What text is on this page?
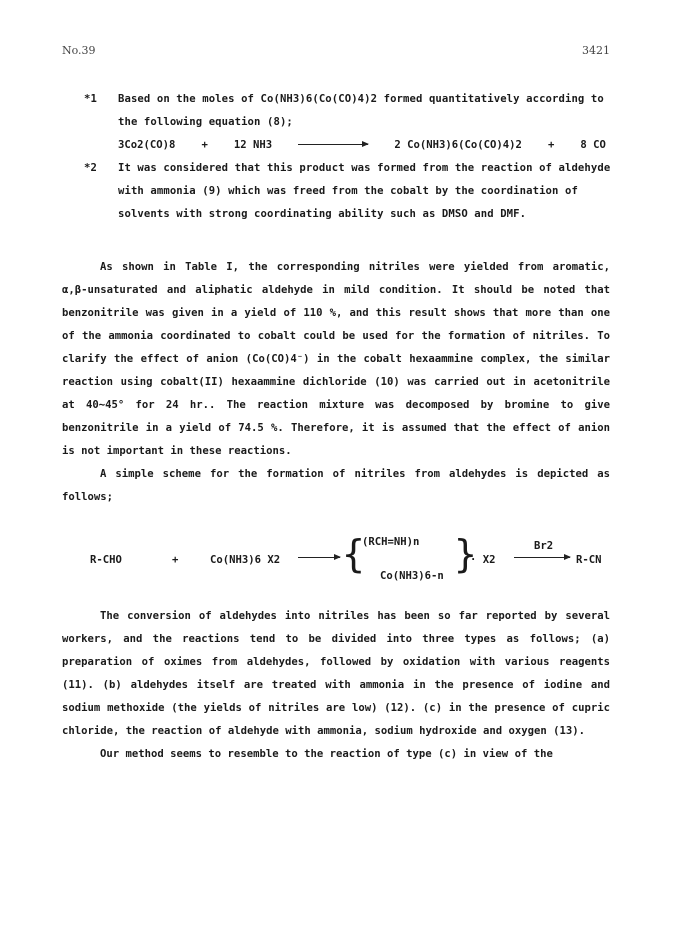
No.39	3421
*1 Based on the moles of Co(NH3)6(Co(CO)4)2 formed quantitatively according to the following equation (8);
3Co2(CO)8 + 12 NH3	2 Co(NH3)6(Co(CO)4)2 + 8 CO
*2 It was considered that this product was formed from the reaction of aldehyde with ammonia (9) which was freed from the cobalt by the coordination of solvents with strong coordinating ability such as DMSO and DMF.

As shown in Table I, the corresponding nitriles were yielded from aromatic, α,β-unsaturated and aliphatic aldehyde in mild condition. It should be noted that benzonitrile was given in a yield of 110 %, and this result shows that more than one of the ammonia coordinated to cobalt could be used for the formation of nitriles. To clarify the effect of anion (Co(CO)4⁻) in the cobalt hexaammine complex, the similar reaction using cobalt(II) hexaammine dichloride (10) was carried out in acetonitrile at 40∼45° for 24 hr.. The reaction mixture was decomposed by bromine to give benzonitrile in a yield of 74.5 %. Therefore, it is assumed that the effect of anion is not important in these reactions.

A simple scheme for the formation of nitriles from aldehydes is depicted as follows;

R-CHO	+	Co(NH3)6 X2 {
(RCH=NH)n
Co(NH3)6-n }
· X2
Br2
R-CN

The conversion of aldehydes into nitriles has been so far reported by several workers, and the reactions tend to be divided into three types as follows; (a) preparation of oximes from aldehydes, followed by oxidation with various reagents (11). (b) aldehydes itself are treated with ammonia in the presence of iodine and sodium methoxide (the yields of nitriles are low) (12). (c) in the presence of cupric chloride, the reaction of aldehyde with ammonia, sodium hydroxide and oxygen (13).

Our method seems to resemble to the reaction of type (c) in view of the
